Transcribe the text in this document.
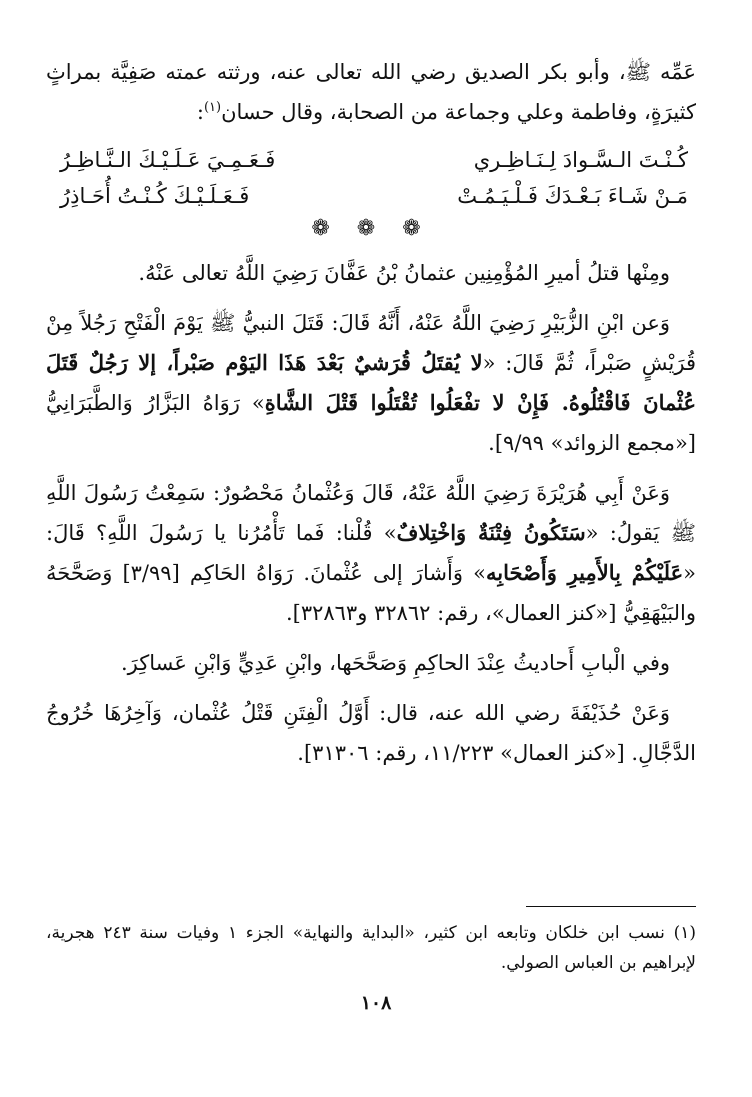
عَمِّه ﷺ، وأبو بكر الصديق رضي الله تعالى عنه، ورثته عمته صَفِيَّة بمراثٍ كثيرَةٍ، وفاطمة وعلي وجماعة من الصحابة، وقال حسان$^{(١)}$:

كُـنْـتَ الـسَّـوادَ لِـنَـاظِـري
فَـعَـمِـيَ عَـلَـيْـكَ الـنَّـاظِـرُ
مَـنْ شَـاءَ بَـعْـدَكَ فَـلْـيَـمُـتْ
فَـعَـلَـيْـكَ كُـنْـتُ أُحَـاذِرُ
❁ ❁ ❁

ومِنْها قتلُ أميرِ المُؤْمِنِين عثمانُ بْنُ عَفَّانَ رَضِيَ اللَّهُ تعالى عَنْهُ.

وَعن ابْنِ الزُّبَيْرِ رَضِيَ اللَّهُ عَنْهُ، أَنَّهُ قَالَ: قَتَلَ النبيُّ ﷺ يَوْمَ الْفَتْحِ رَجُلاً مِنْ قُرَيْشٍ صَبْراً، ثُمَّ قَالَ: «لا يُقتَلُ قُرَشيٌ بَعْدَ هَذَا اليَوْم صَبْراً، إلا رَجُلٌ قَتَلَ عُثْمانَ فَاقْتُلُوهُ. فَإِنْ لا تفْعَلُوا تُقْتَلُوا قَتْلَ الشَّاةِ» رَوَاهُ البَزَّارُ وَالطَّبَرَانِيُّ [«مجمع الزوائد» ٩/٩٩].

وَعَنْ أَبِي هُرَيْرَةَ رَضِيَ اللَّهُ عَنْهُ، قَالَ وَعُثْمانُ مَحْصُورٌ: سَمِعْتُ رَسُولَ اللَّهِ ﷺ يَقولُ: «سَتَكُونُ فِتْنَةٌ وَاخْتِلافٌ» قُلْنا: فَما تَأْمُرُنا يا رَسُولَ اللَّهِ؟ قَالَ: «عَلَيْكُمْ بِالأَمِيرِ وَأَصْحَابِه» وَأَشارَ إلى عُثْمانَ. رَوَاهُ الحَاكِم [٣/٩٩] وَصَحَّحَهُ والبَيْهَقِيُّ [«كنز العمال»، رقم: ٣٢٨٦٢ و٣٢٨٦٣].

وفي الْبابِ أَحاديثُ عِنْدَ الحاكِمِ وَصَحَّحَها، وابْنِ عَدِيٍّ وَابْنِ عَساكِرَ.

وَعَنْ حُذَيْفَةَ رضي الله عنه، قال: أَوَّلُ الْفِتَنِ قَتْلُ عُثْمان، وَآخِرُهَا خُرُوجُ الدَّجَّالِ. [«كنز العمال» ١١/٢٢٣، رقم: ٣١٣٠٦].

(١) نسب ابن خلكان وتابعه ابن كثير، «البداية والنهاية» الجزء ١ وفيات سنة ٢٤٣ هجرية، لإبراهيم بن العباس الصولي.
١٠٨
